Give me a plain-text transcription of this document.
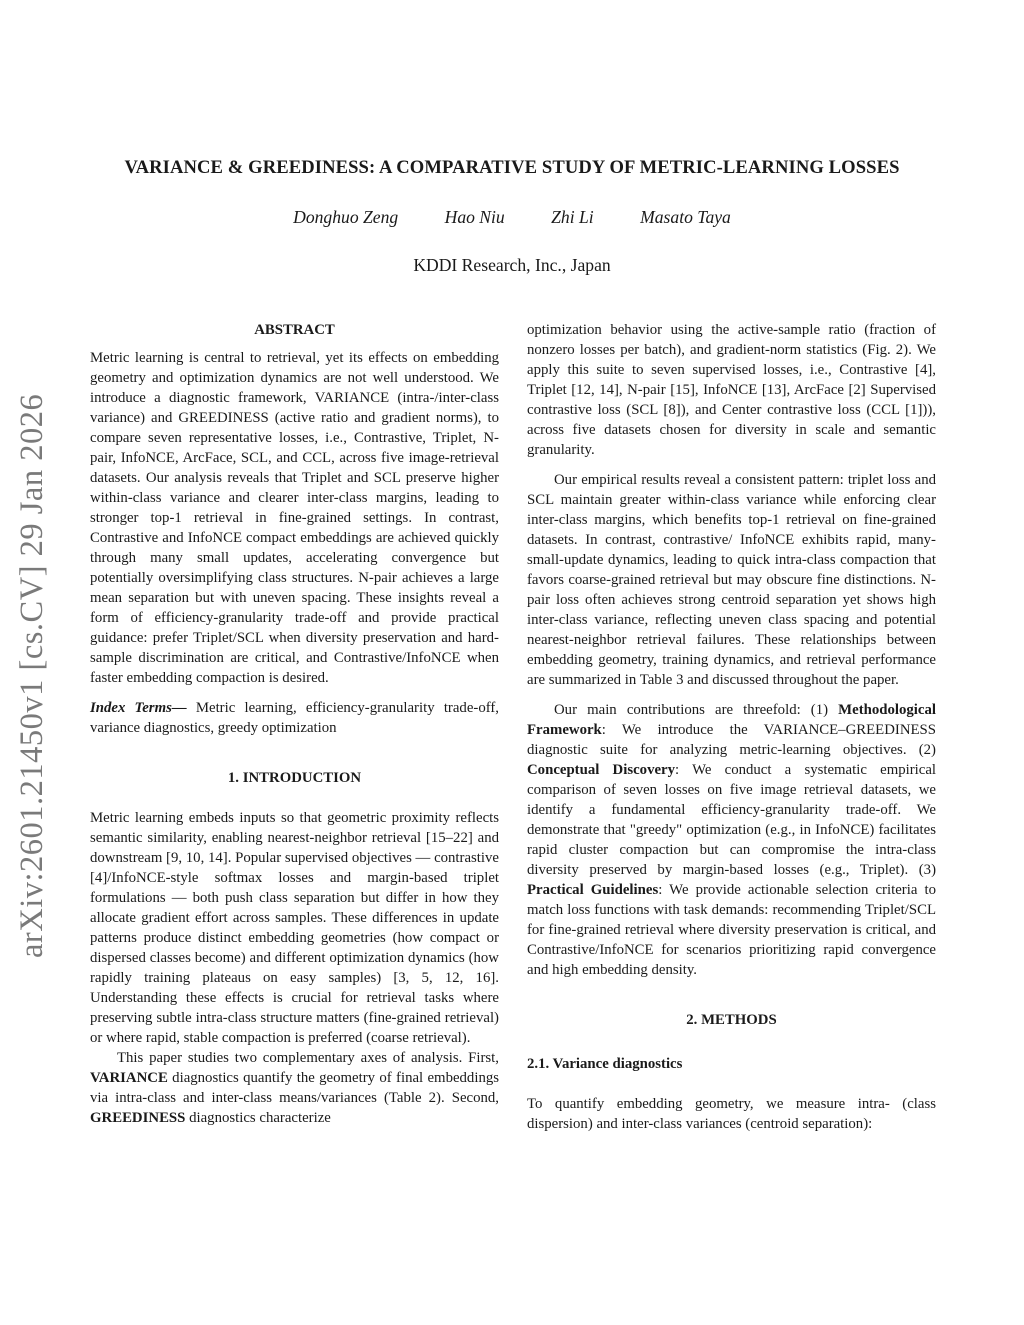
arXiv:2601.21450v1 [cs.CV] 29 Jan 2026
VARIANCE & GREEDINESS: A COMPARATIVE STUDY OF METRIC-LEARNING LOSSES
Donghuo Zeng	Hao Niu	Zhi Li	Masato Taya
KDDI Research, Inc., Japan

ABSTRACT

Metric learning is central to retrieval, yet its effects on embedding geometry and optimization dynamics are not well understood. We introduce a diagnostic framework, VARIANCE (intra-/inter-class variance) and GREEDINESS (active ratio and gradient norms), to compare seven representative losses, i.e., Contrastive, Triplet, N-pair, InfoNCE, ArcFace, SCL, and CCL, across five image-retrieval datasets. Our analysis reveals that Triplet and SCL preserve higher within-class variance and clearer inter-class margins, leading to stronger top-1 retrieval in fine-grained settings. In contrast, Contrastive and InfoNCE compact embeddings are achieved quickly through many small updates, accelerating convergence but potentially oversimplifying class structures. N-pair achieves a large mean separation but with uneven spacing. These insights reveal a form of efficiency-granularity trade-off and provide practical guidance: prefer Triplet/SCL when diversity preservation and hard-sample discrimination are critical, and Contrastive/InfoNCE when faster embedding compaction is desired.

Index Terms— Metric learning, efficiency-granularity trade-off, variance diagnostics, greedy optimization

1. INTRODUCTION

Metric learning embeds inputs so that geometric proximity reflects semantic similarity, enabling nearest-neighbor retrieval [15–22] and downstream [9, 10, 14]. Popular supervised objectives — contrastive [4]/InfoNCE-style softmax losses and margin-based triplet formulations — both push class separation but differ in how they allocate gradient effort across samples. These differences in update patterns produce distinct embedding geometries (how compact or dispersed classes become) and different optimization dynamics (how rapidly training plateaus on easy samples) [3, 5, 12, 16]. Understanding these effects is crucial for retrieval tasks where preserving subtle intra-class structure matters (fine-grained retrieval) or where rapid, stable compaction is preferred (coarse retrieval).

This paper studies two complementary axes of analysis. First, VARIANCE diagnostics quantify the geometry of final embeddings via intra-class and inter-class means/variances (Table 2). Second, GREEDINESS diagnostics characterize

optimization behavior using the active-sample ratio (fraction of nonzero losses per batch), and gradient-norm statistics (Fig. 2). We apply this suite to seven supervised losses, i.e., Contrastive [4], Triplet [12, 14], N-pair [15], InfoNCE [13], ArcFace [2] Supervised contrastive loss (SCL [8]), and Center contrastive loss (CCL [1])), across five datasets chosen for diversity in scale and semantic granularity.

Our empirical results reveal a consistent pattern: triplet loss and SCL maintain greater within-class variance while enforcing clear inter-class margins, which benefits top-1 retrieval on fine-grained datasets. In contrast, contrastive/ InfoNCE exhibits rapid, many-small-update dynamics, leading to quick intra-class compaction that favors coarse-grained retrieval but may obscure fine distinctions. N-pair loss often achieves strong centroid separation yet shows high inter-class variance, reflecting uneven class spacing and potential nearest-neighbor retrieval failures. These relationships between embedding geometry, training dynamics, and retrieval performance are summarized in Table 3 and discussed throughout the paper.

Our main contributions are threefold: (1) Methodological Framework: We introduce the VARIANCE–GREEDINESS diagnostic suite for analyzing metric-learning objectives. (2) Conceptual Discovery: We conduct a systematic empirical comparison of seven losses on five image retrieval datasets, we identify a fundamental efficiency-granularity trade-off. We demonstrate that "greedy" optimization (e.g., in InfoNCE) facilitates rapid cluster compaction but can compromise the intra-class diversity preserved by margin-based losses (e.g., Triplet). (3) Practical Guidelines: We provide actionable selection criteria to match loss functions with task demands: recommending Triplet/SCL for fine-grained retrieval where diversity preservation is critical, and Contrastive/InfoNCE for scenarios prioritizing rapid convergence and high embedding density.

2. METHODS

2.1. Variance diagnostics

To quantify embedding geometry, we measure intra- (class dispersion) and inter-class variances (centroid separation):
